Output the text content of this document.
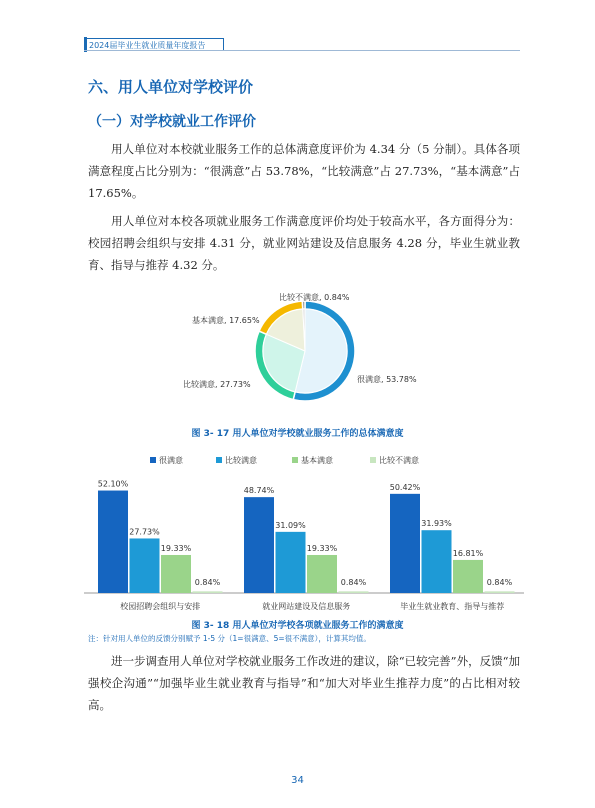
2024届毕业生就业质量年度报告
六、用人单位对学校评价
（一）对学校就业工作评价
用人单位对本校就业服务工作的总体满意度评价为 4.34 分（5 分制）。具体各项满意程度占比分别为：“很满意”占 53.78%，“比较满意”占 27.73%，“基本满意”占 17.65%。
用人单位对本校各项就业服务工作满意度评价均处于较高水平，各方面得分为：校园招聘会组织与安排 4.31 分，就业网站建设及信息服务 4.28 分，毕业生就业教育、指导与推荐 4.32 分。
很满意, 53.78%
比较满意, 27.73%
基本满意, 17.65%
比较不满意, 0.84%
图 3- 17 用人单位对学校就业服务工作的总体满意度
很满意	比较满意	基本满意	比较不满意
52.10%
27.73%
19.33%
0.84%
校园招聘会组织与安排
48.74%
31.09%
19.33%
0.84%
就业网站建设及信息服务
50.42%
31.93%
16.81%
0.84%
毕业生就业教育、指导与推荐
图 3- 18 用人单位对学校各项就业服务工作的满意度
注：针对用人单位的反馈分别赋予 1-5 分（1=很满意、5=很不满意），计算其均值。
进一步调查用人单位对学校就业服务工作改进的建议，除“已较完善”外，反馈“加强校企沟通”“加强毕业生就业教育与指导”和“加大对毕业生推荐力度”的占比相对较高。
34
